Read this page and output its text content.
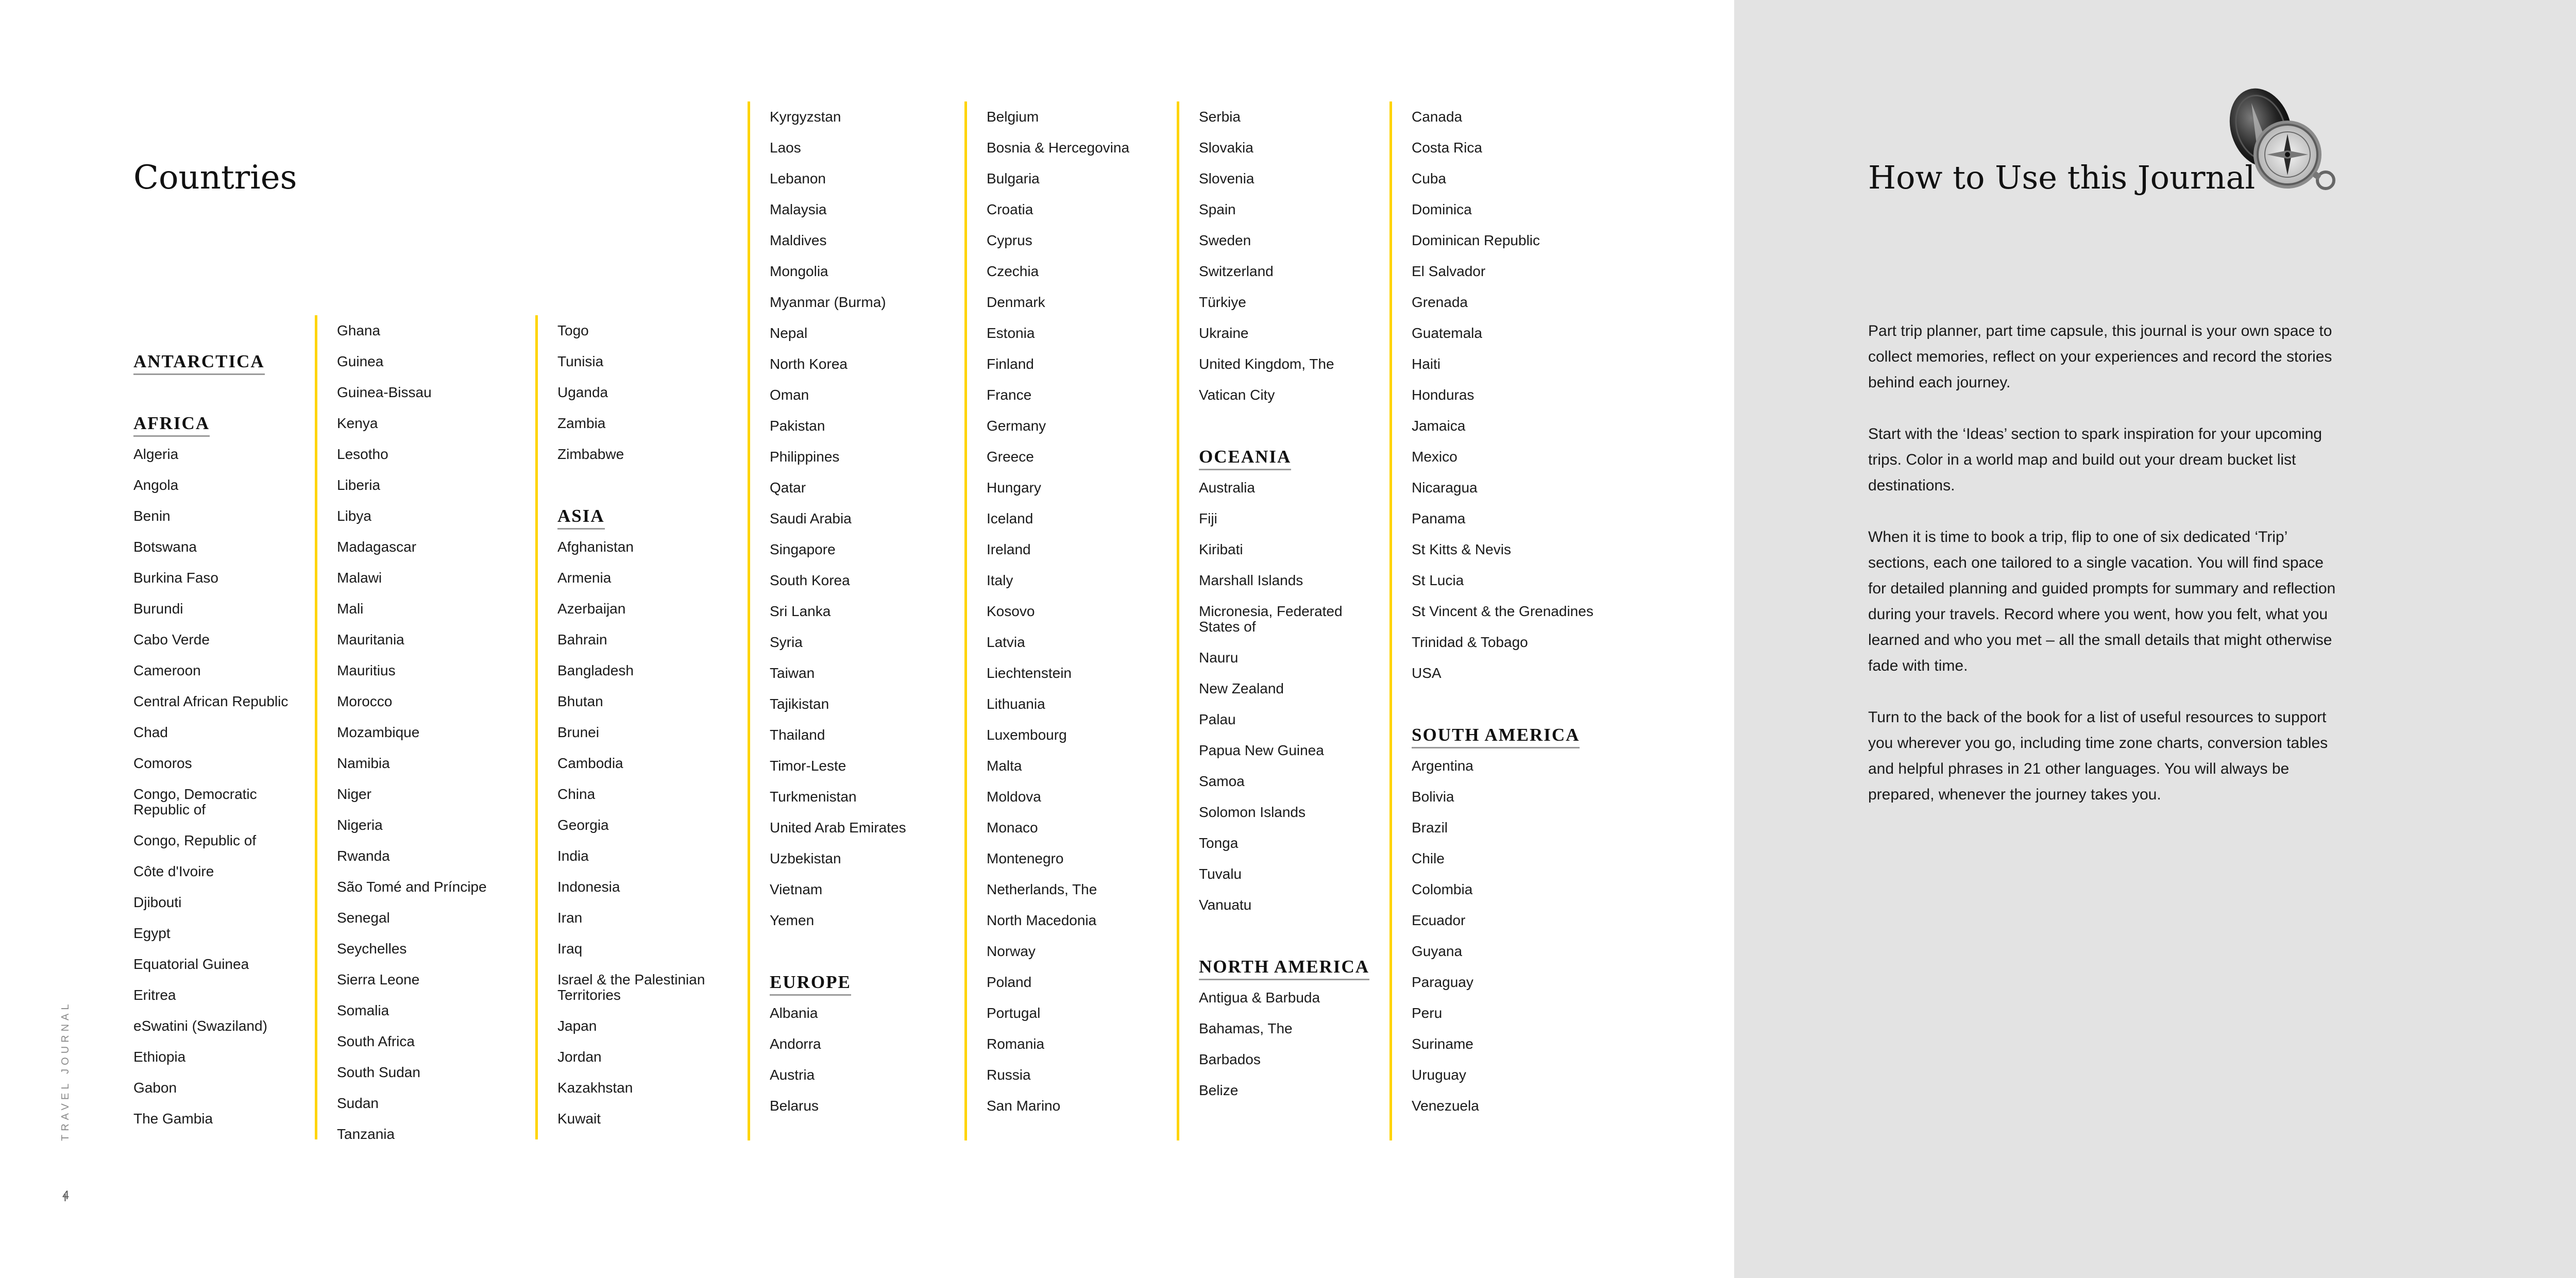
Countries
ANTARCTICA
AFRICA
Algeria
Angola
Benin
Botswana
Burkina Faso
Burundi
Cabo Verde
Cameroon
Central African Republic
Chad
Comoros
Congo, Democratic Republic of
Congo, Republic of
Côte d'Ivoire
Djibouti
Egypt
Equatorial Guinea
Eritrea
eSwatini (Swaziland)
Ethiopia
Gabon
The Gambia
Ghana
Guinea
Guinea-Bissau
Kenya
Lesotho
Liberia
Libya
Madagascar
Malawi
Mali
Mauritania
Mauritius
Morocco
Mozambique
Namibia
Niger
Nigeria
Rwanda
São Tomé and Príncipe
Senegal
Seychelles
Sierra Leone
Somalia
South Africa
South Sudan
Sudan
Tanzania
Togo
Tunisia
Uganda
Zambia
Zimbabwe
ASIA
Afghanistan
Armenia
Azerbaijan
Bahrain
Bangladesh
Bhutan
Brunei
Cambodia
China
Georgia
India
Indonesia
Iran
Iraq
Israel & the Palestinian Territories
Japan
Jordan
Kazakhstan
Kuwait
Kyrgyzstan
Laos
Lebanon
Malaysia
Maldives
Mongolia
Myanmar (Burma)
Nepal
North Korea
Oman
Pakistan
Philippines
Qatar
Saudi Arabia
Singapore
South Korea
Sri Lanka
Syria
Taiwan
Tajikistan
Thailand
Timor-Leste
Turkmenistan
United Arab Emirates
Uzbekistan
Vietnam
Yemen
EUROPE
Albania
Andorra
Austria
Belarus
Belgium
Bosnia & Hercegovina
Bulgaria
Croatia
Cyprus
Czechia
Denmark
Estonia
Finland
France
Germany
Greece
Hungary
Iceland
Ireland
Italy
Kosovo
Latvia
Liechtenstein
Lithuania
Luxembourg
Malta
Moldova
Monaco
Montenegro
Netherlands, The
North Macedonia
Norway
Poland
Portugal
Romania
Russia
San Marino
Serbia
Slovakia
Slovenia
Spain
Sweden
Switzerland
Türkiye
Ukraine
United Kingdom, The
Vatican City
OCEANIA
Australia
Fiji
Kiribati
Marshall Islands
Micronesia, Federated States of
Nauru
New Zealand
Palau
Papua New Guinea
Samoa
Solomon Islands
Tonga
Tuvalu
Vanuatu
NORTH AMERICA
Antigua & Barbuda
Bahamas, The
Barbados
Belize
Canada
Costa Rica
Cuba
Dominica
Dominican Republic
El Salvador
Grenada
Guatemala
Haiti
Honduras
Jamaica
Mexico
Nicaragua
Panama
St Kitts & Nevis
St Lucia
St Vincent & the Grenadines
Trinidad & Tobago
USA
SOUTH AMERICA
Argentina
Bolivia
Brazil
Chile
Colombia
Ecuador
Guyana
Paraguay
Peru
Suriname
Uruguay
Venezuela
TRAVEL JOURNAL
4
How to Use this Journal

Part trip planner, part time capsule, this journal is your own space to collect memories, reflect on your experiences and record the stories behind each journey.

Start with the ‘Ideas’ section to spark inspiration for your upcoming trips. Color in a world map and build out your dream bucket list destinations.

When it is time to book a trip, flip to one of six dedicated ‘Trip’ sections, each one tailored to a single vacation. You will find space for detailed planning and guided prompts for summary and reflection during your travels. Record where you went, how you felt, what you learned and who you met – all the small details that might otherwise fade with time.

Turn to the back of the book for a list of useful resources to support you wherever you go, including time zone charts, conversion tables and helpful phrases in 21 other languages. You will always be prepared, whenever the journey takes you.
